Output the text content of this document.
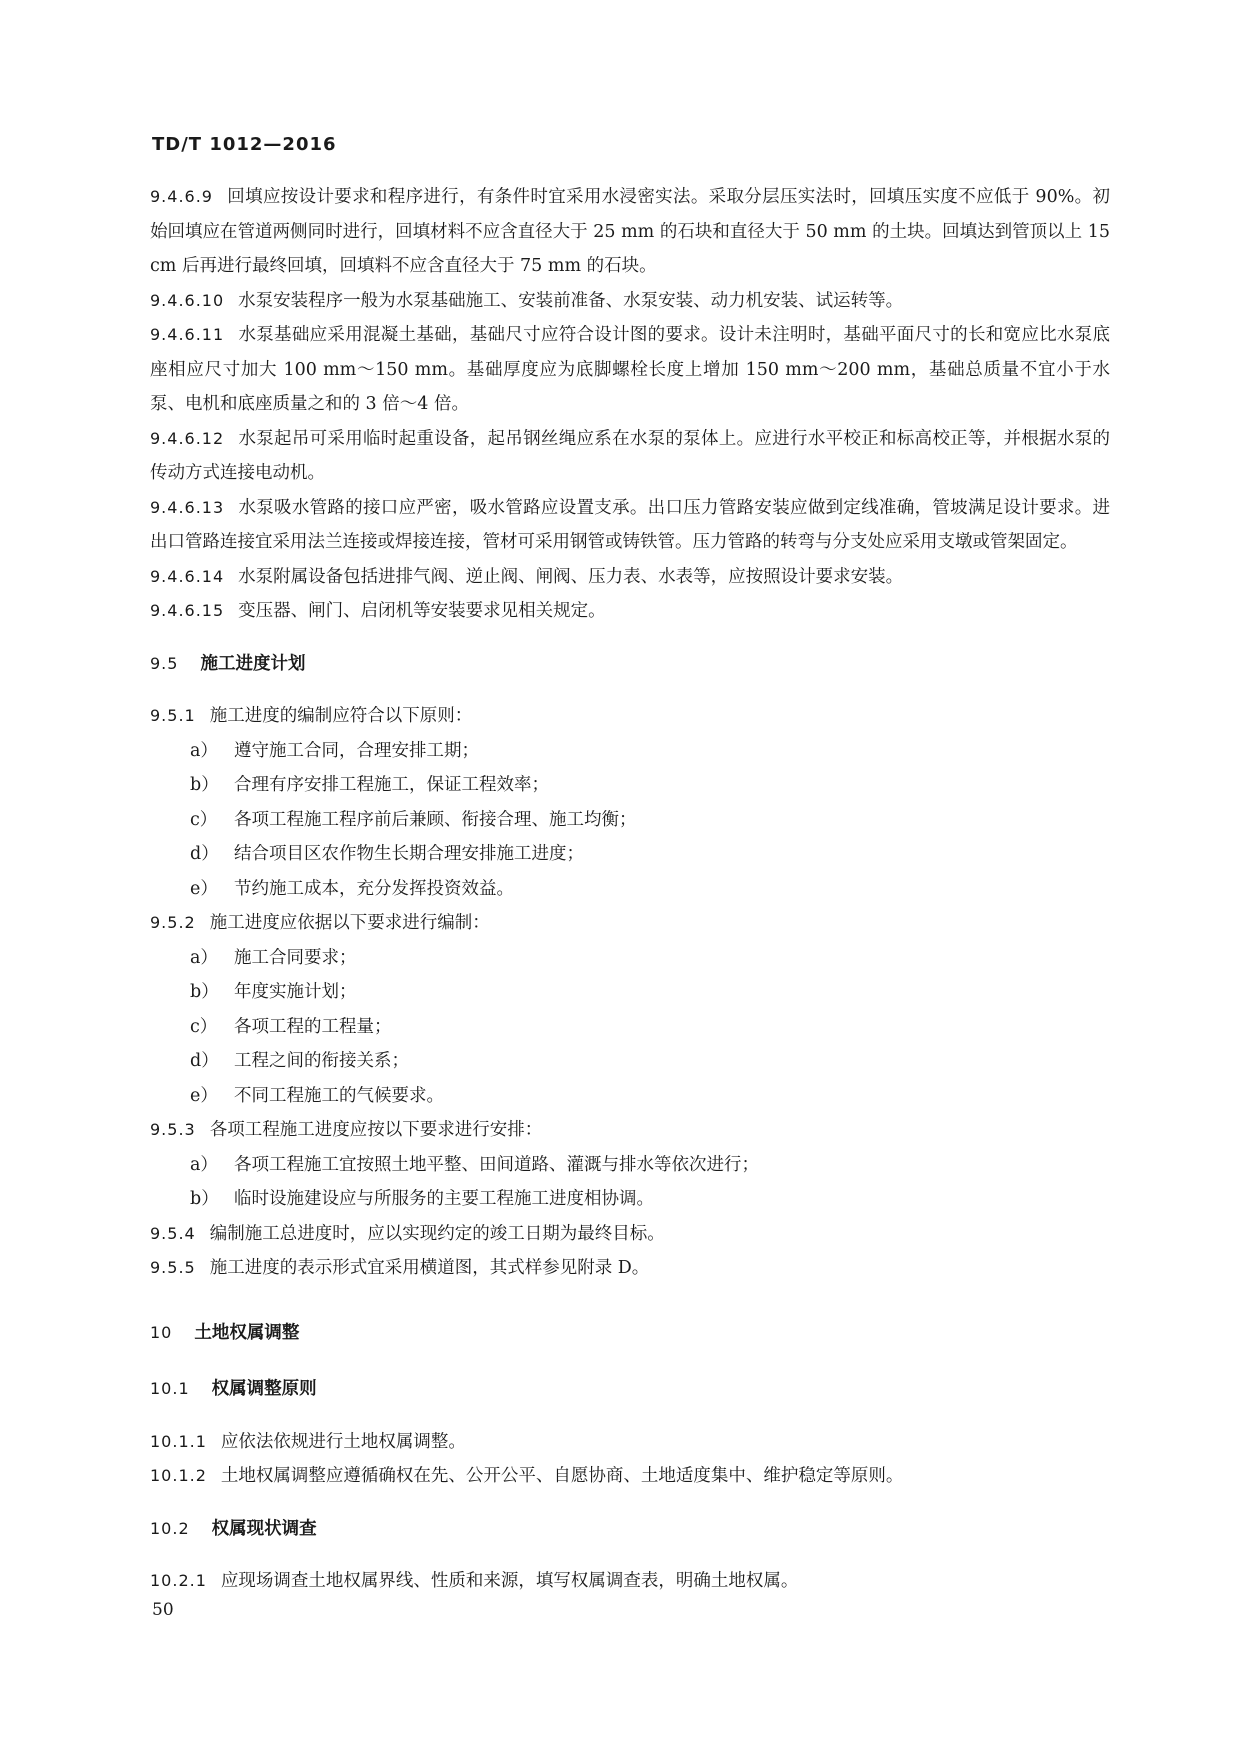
TD/T 1012—2016

9.4.6.9 回填应按设计要求和程序进行，有条件时宜采用水浸密实法。采取分层压实法时，回填压实度不应低于 90%。初始回填应在管道两侧同时进行，回填材料不应含直径大于 25 mm 的石块和直径大于 50 mm 的土块。回填达到管顶以上 15 cm 后再进行最终回填，回填料不应含直径大于 75 mm 的石块。

9.4.6.10 水泵安装程序一般为水泵基础施工、安装前准备、水泵安装、动力机安装、试运转等。

9.4.6.11 水泵基础应采用混凝土基础，基础尺寸应符合设计图的要求。设计未注明时，基础平面尺寸的长和宽应比水泵底座相应尺寸加大 100 mm～150 mm。基础厚度应为底脚螺栓长度上增加 150 mm～200 mm，基础总质量不宜小于水泵、电机和底座质量之和的 3 倍～4 倍。

9.4.6.12 水泵起吊可采用临时起重设备，起吊钢丝绳应系在水泵的泵体上。应进行水平校正和标高校正等，并根据水泵的传动方式连接电动机。

9.4.6.13 水泵吸水管路的接口应严密，吸水管路应设置支承。出口压力管路安装应做到定线准确，管坡满足设计要求。进出口管路连接宜采用法兰连接或焊接连接，管材可采用钢管或铸铁管。压力管路的转弯与分支处应采用支墩或管架固定。

9.4.6.14 水泵附属设备包括进排气阀、逆止阀、闸阀、压力表、水表等，应按照设计要求安装。

9.4.6.15 变压器、闸门、启闭机等安装要求见相关规定。

9.5 施工进度计划

9.5.1 施工进度的编制应符合以下原则：

a） 遵守施工合同，合理安排工期；

b） 合理有序安排工程施工，保证工程效率；

c） 各项工程施工程序前后兼顾、衔接合理、施工均衡；

d） 结合项目区农作物生长期合理安排施工进度；

e） 节约施工成本，充分发挥投资效益。

9.5.2 施工进度应依据以下要求进行编制：

a） 施工合同要求；

b） 年度实施计划；

c） 各项工程的工程量；

d） 工程之间的衔接关系；

e） 不同工程施工的气候要求。

9.5.3 各项工程施工进度应按以下要求进行安排：

a） 各项工程施工宜按照土地平整、田间道路、灌溉与排水等依次进行；

b） 临时设施建设应与所服务的主要工程施工进度相协调。

9.5.4 编制施工总进度时，应以实现约定的竣工日期为最终目标。

9.5.5 施工进度的表示形式宜采用横道图，其式样参见附录 D。

10 土地权属调整

10.1 权属调整原则

10.1.1 应依法依规进行土地权属调整。

10.1.2 土地权属调整应遵循确权在先、公开公平、自愿协商、土地适度集中、维护稳定等原则。

10.2 权属现状调查

10.2.1 应现场调查土地权属界线、性质和来源，填写权属调查表，明确土地权属。

50
